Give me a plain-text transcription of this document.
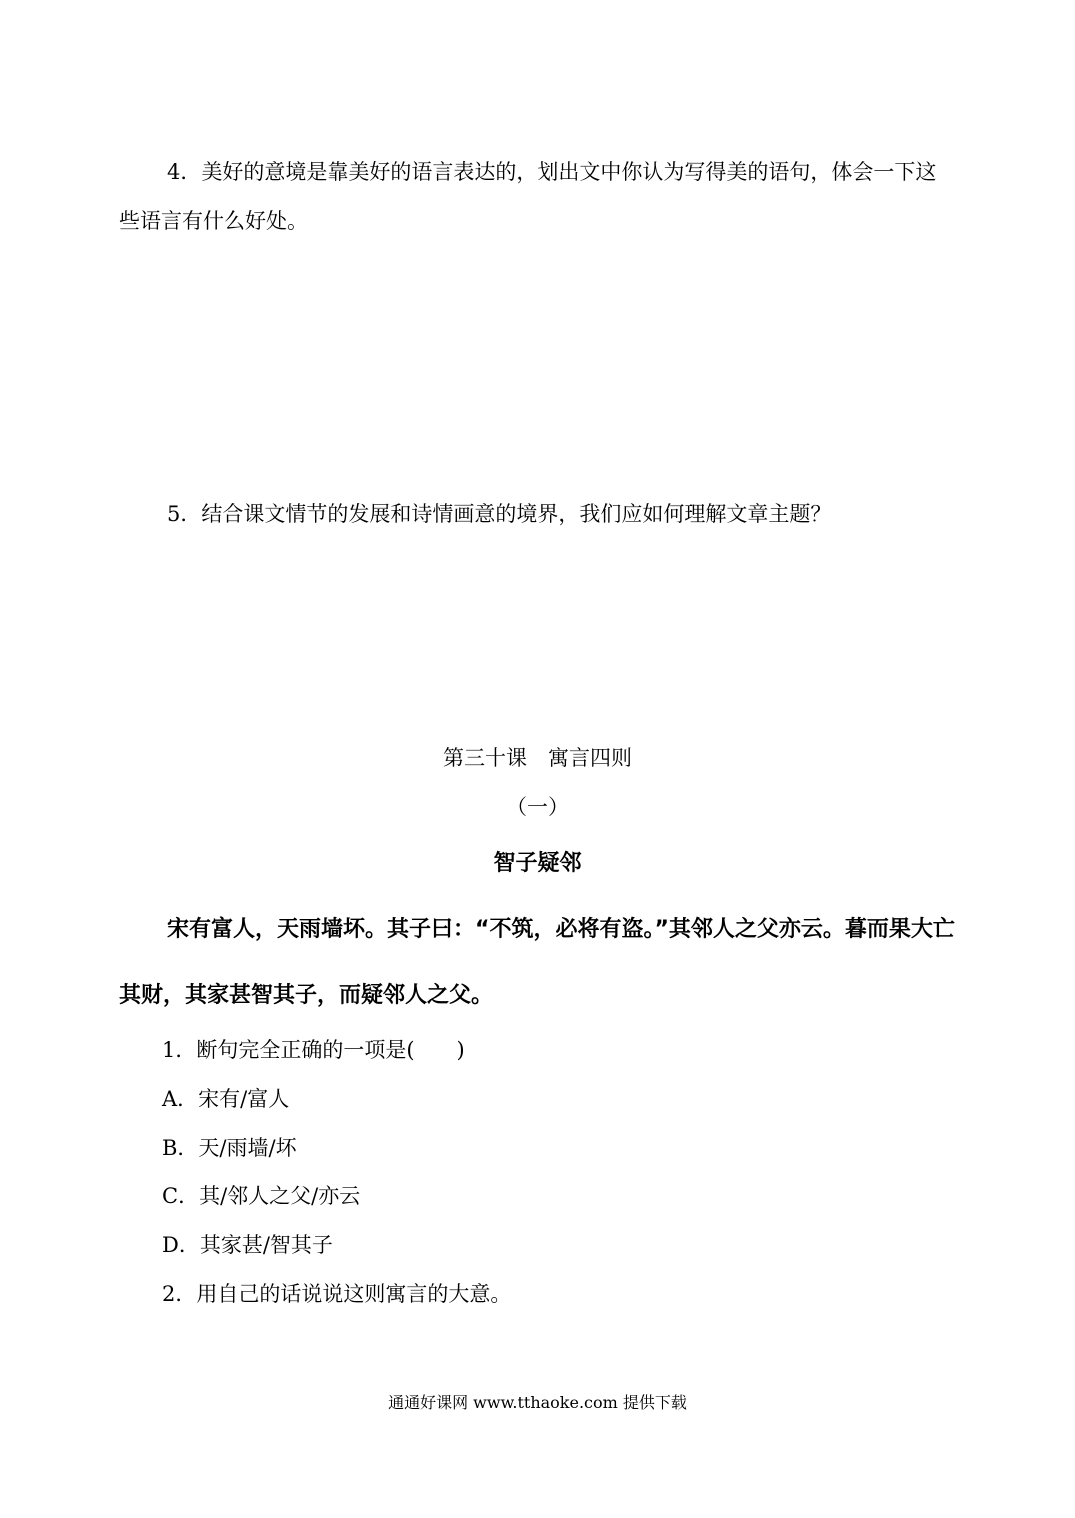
4．美好的意境是靠美好的语言表达的，划出文中你认为写得美的语句，体会一下这
些语言有什么好处。
5．结合课文情节的发展和诗情画意的境界，我们应如何理解文章主题？
第三十课　寓言四则
（一）
智子疑邻
宋有富人，天雨墙坏。其子曰：“不筑，必将有盗。”其邻人之父亦云。暮而果大亡
其财，其家甚智其子，而疑邻人之父。
1．断句完全正确的一项是(　　)
A．宋有/富人
B．天/雨墙/坏
C．其/邻人之父/亦云
D．其家甚/智其子
2．用自己的话说说这则寓言的大意。
通通好课网 www.tthaoke.com 提供下载
